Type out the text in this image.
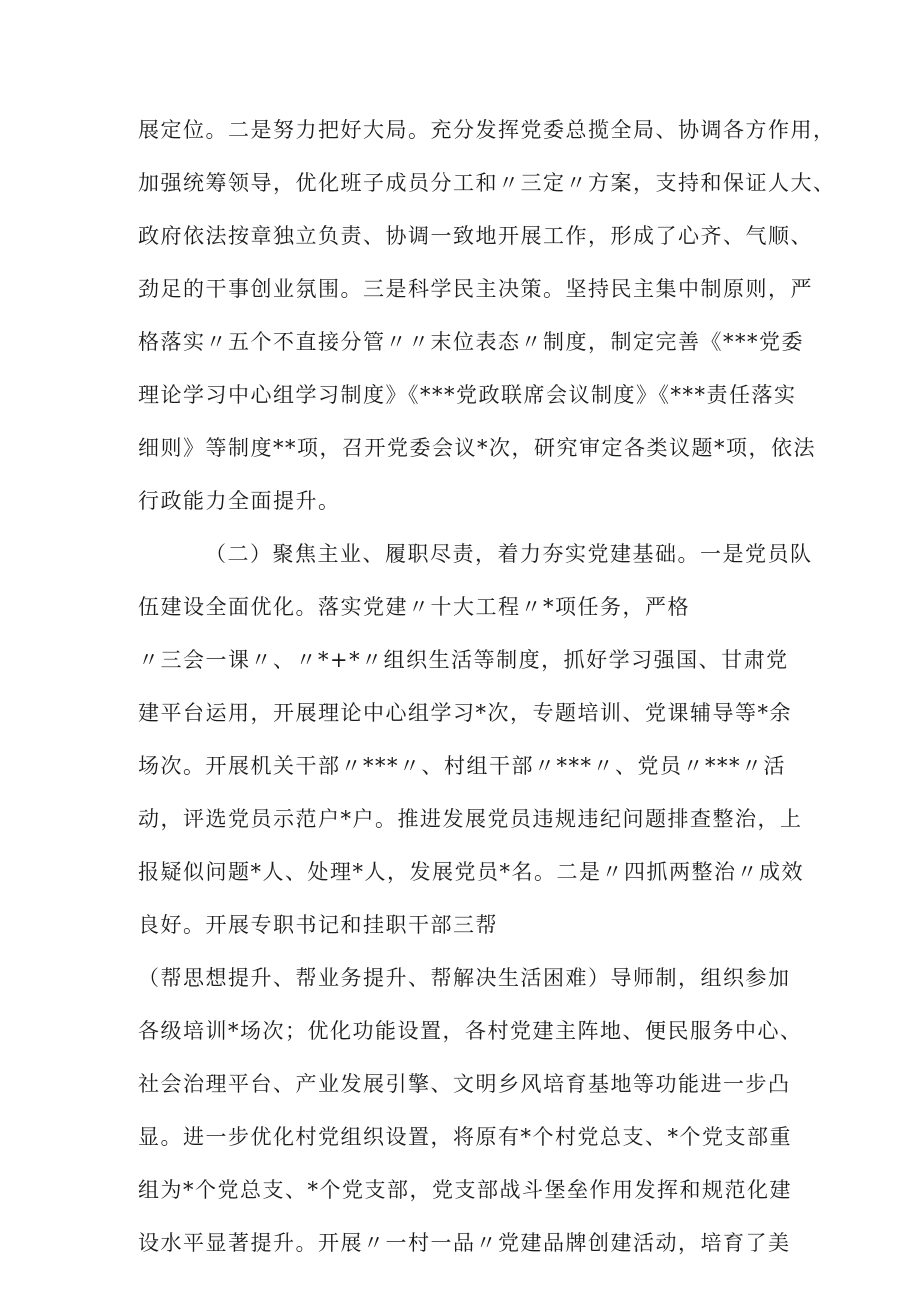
展定位。二是努力把好大局。充分发挥党委总揽全局、协调各方作用，
加强统筹领导，优化班子成员分工和〃三定〃方案，支持和保证人大、
政府依法按章独立负责、协调一致地开展工作，形成了心齐、气顺、
劲足的干事创业氛围。三是科学民主决策。坚持民主集中制原则，严
格落实〃五个不直接分管〃〃末位表态〃制度，制定完善《***党委
理论学习中心组学习制度》《***党政联席会议制度》《***责任落实
细则》等制度**项，召开党委会议*次，研究审定各类议题*项，依法
行政能力全面提升。
（二）聚焦主业、履职尽责，着力夯实党建基础。一是党员队
伍建设全面优化。落实党建〃十大工程〃*项任务，严格
〃三会一课〃、〃*+*〃组织生活等制度，抓好学习强国、甘肃党
建平台运用，开展理论中心组学习*次，专题培训、党课辅导等*余
场次。开展机关干部〃***〃、村组干部〃***〃、党员〃***〃活
动，评选党员示范户*户。推进发展党员违规违纪问题排查整治，上
报疑似问题*人、处理*人，发展党员*名。二是〃四抓两整治〃成效
良好。开展专职书记和挂职干部三帮
（帮思想提升、帮业务提升、帮解决生活困难）导师制，组织参加
各级培训*场次；优化功能设置，各村党建主阵地、便民服务中心、
社会治理平台、产业发展引擎、文明乡风培育基地等功能进一步凸
显。进一步优化村党组织设置，将原有*个村党总支、*个党支部重
组为*个党总支、*个党支部，党支部战斗堡垒作用发挥和规范化建
设水平显著提升。开展〃一村一品〃党建品牌创建活动，培育了美
